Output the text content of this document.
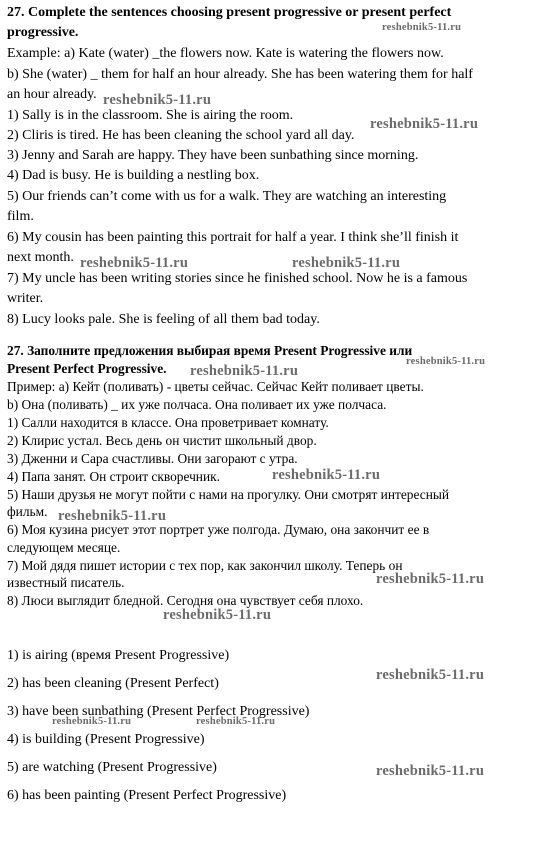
27. Complete the sentences choosing present progressive or present perfect
progressive.
Example: a) Kate (water) _the flowers now. Kate is watering the flowers now.
b) She (water) _ them for half an hour already. She has been watering them for half
an hour already.
1) Sally is in the classroom. She is airing the room.
2) Cliris is tired. He has been cleaning the school yard all day.
3) Jenny and Sarah are happy. They have been sunbathing since morning.
4) Dad is busy. He is building a nestling box.
5) Our friends can’t come with us for a walk. They are watching an interesting
film.
6) My cousin has been painting this portrait for half a year. I think she’ll finish it
next month.
7) My uncle has been writing stories since he finished school. Now he is a famous
writer.
8) Lucy looks pale. She is feeling of all them bad today.
27. Заполните предложения выбирая время Present Progressive или
Present Perfect Progressive.
Пример: а) Кейт (поливать) - цветы сейчас. Сейчас Кейт поливает цветы.
b) Она (поливать) _ их уже полчаса. Она поливает их уже полчаса.
1) Салли находится в классе. Она проветривает комнату.
2) Клирис устал. Весь день он чистит школьный двор.
3) Дженни и Сара счастливы. Они загорают с утра.
4) Папа занят. Он строит скворечник.
5) Наши друзья не могут пойти с нами на прогулку. Они смотрят интересный
фильм.
6) Моя кузина рисует этот портрет уже полгода. Думаю, она закончит ее в
следующем месяце.
7) Мой дядя пишет истории с тех пор, как закончил школу. Теперь он
известный писатель.
8) Люси выглядит бледной. Сегодня она чувствует себя плохо.
1) is airing (время Present Progressive)
2) has been cleaning (Present Perfect)
3) have been sunbathing (Present Perfect Progressive)
4) is building (Present Progressive)
5) are watching (Present Progressive)
6) has been painting (Present Perfect Progressive)
reshebnik5-11.ru
reshebnik5-11.ru
reshebnik5-11.ru
reshebnik5-11.ru	reshebnik5-11.ru
reshebnik5-11.ru
reshebnik5-11.ru
reshebnik5-11.ru
reshebnik5-11.ru
reshebnik5-11.ru
reshebnik5-11.ru
reshebnik5-11.ru
reshebnik5-11.ru	reshebnik5-11.ru
reshebnik5-11.ru
